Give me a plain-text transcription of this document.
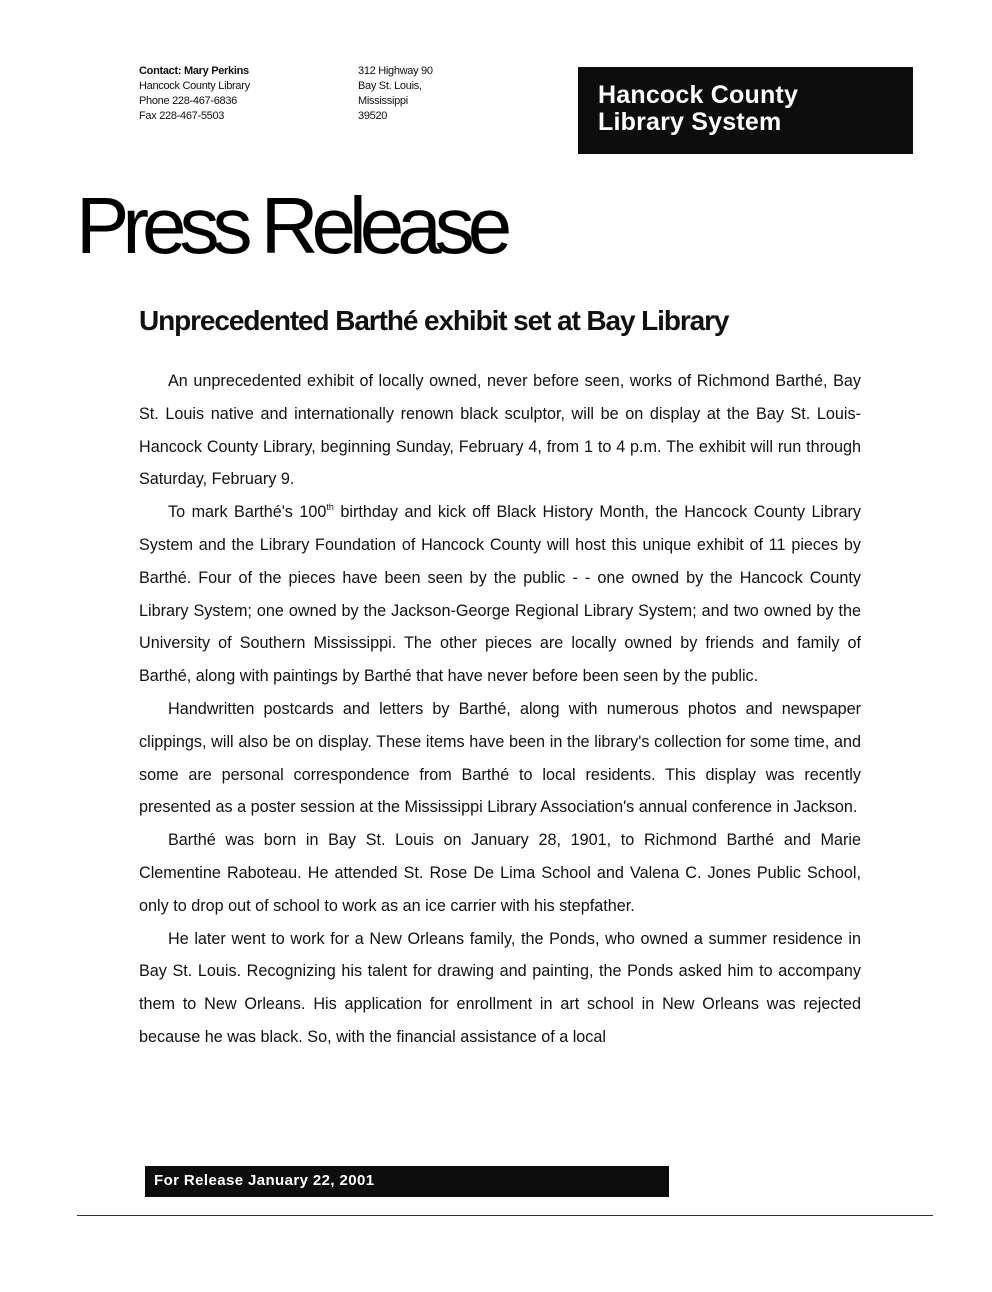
Contact: Mary Perkins
Hancock County Library
Phone 228-467-6836
Fax 228-467-5503
312 Highway 90
Bay St. Louis,
Mississippi
39520
Hancock County
Library System
Press Release
Unprecedented Barthé exhibit set at Bay Library

An unprecedented exhibit of locally owned, never before seen, works of Richmond Barthé, Bay St. Louis native and internationally renown black sculptor, will be on display at the Bay St. Louis-Hancock County Library, beginning Sunday, February 4, from 1 to 4 p.m. The exhibit will run through Saturday, February 9.

To mark Barthé's 100th birthday and kick off Black History Month, the Hancock County Library System and the Library Foundation of Hancock County will host this unique exhibit of 11 pieces by Barthé. Four of the pieces have been seen by the public - - one owned by the Hancock County Library System; one owned by the Jackson-George Regional Library System; and two owned by the University of Southern Mississippi. The other pieces are locally owned by friends and family of Barthé, along with paintings by Barthé that have never before been seen by the public.

Handwritten postcards and letters by Barthé, along with numerous photos and newspaper clippings, will also be on display. These items have been in the library's collection for some time, and some are personal correspondence from Barthé to local residents. This display was recently presented as a poster session at the Mississippi Library Association's annual conference in Jackson.

Barthé was born in Bay St. Louis on January 28, 1901, to Richmond Barthé and Marie Clementine Raboteau. He attended St. Rose De Lima School and Valena C. Jones Public School, only to drop out of school to work as an ice carrier with his stepfather.

He later went to work for a New Orleans family, the Ponds, who owned a summer residence in Bay St. Louis. Recognizing his talent for drawing and painting, the Ponds asked him to accompany them to New Orleans. His application for enrollment in art school in New Orleans was rejected because he was black. So, with the financial assistance of a local

For Release January 22, 2001
